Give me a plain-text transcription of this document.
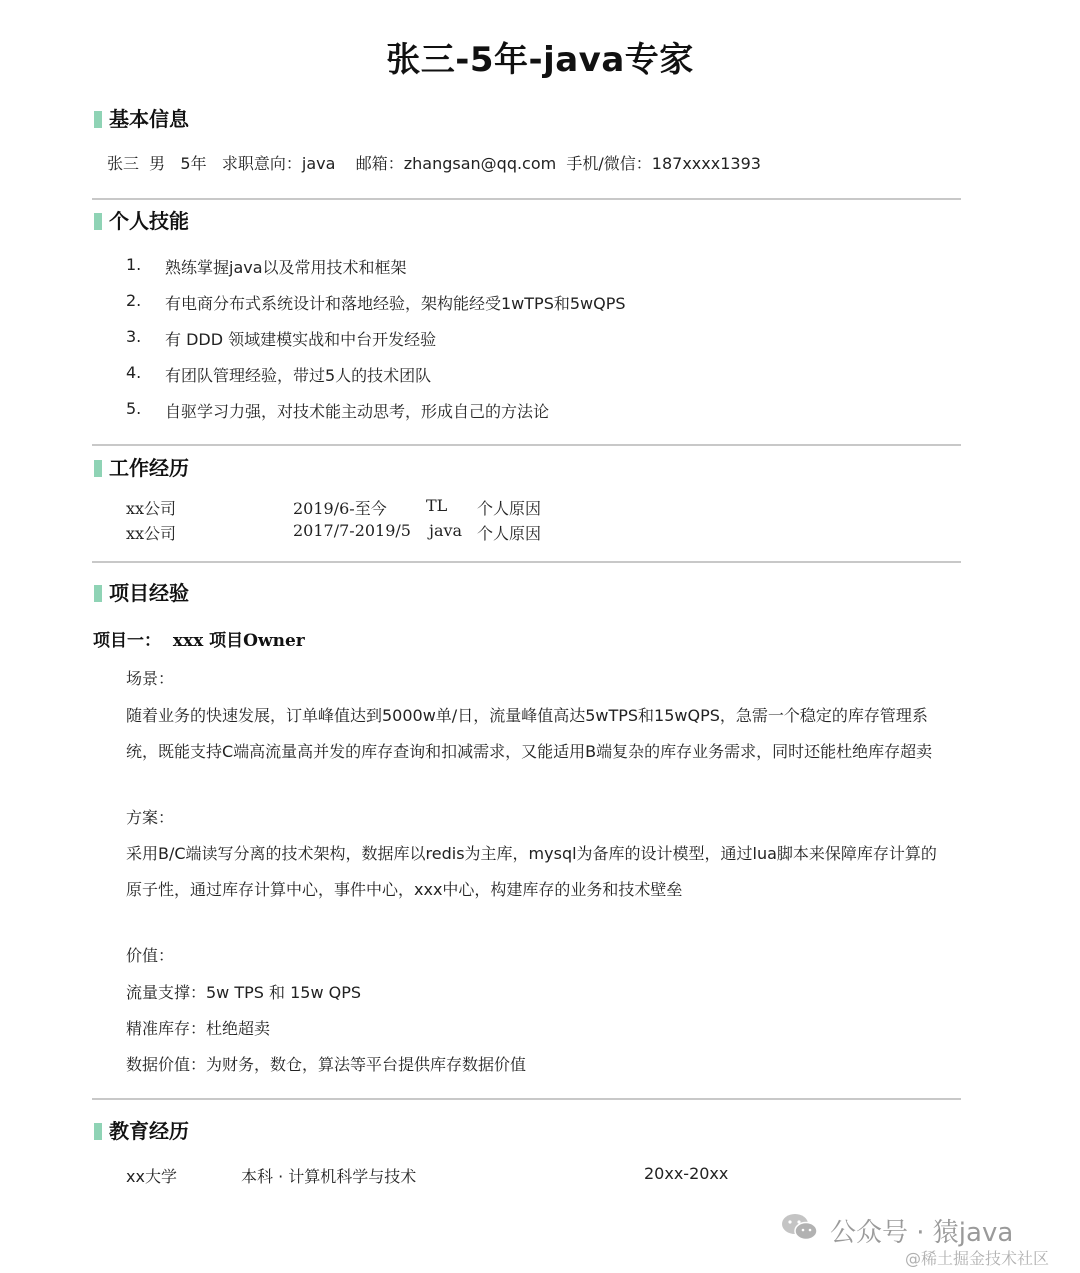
张三-5年-java专家
基本信息
张三  男   5年   求职意向：java    邮箱：zhangsan@qq.com  手机/微信：187xxxx1393
个人技能
1. 熟练掌握java以及常用技术和框架
2. 有电商分布式系统设计和落地经验，架构能经受1wTPS和5wQPS
3. 有 DDD 领域建模实战和中台开发经验
4. 有团队管理经验，带过5人的技术团队
5. 自驱学习力强，对技术能主动思考，形成自己的方法论
工作经历
xx公司	2019/6-至今 TL 个人原因
xx公司	2017/7-2019/5 java 个人原因
项目经验
项目一：  xxx 项目Owner
场景：
随着业务的快速发展，订单峰值达到5000w单/日，流量峰值高达5wTPS和15wQPS，急需一个稳定的库存管理系
统，既能支持C端高流量高并发的库存查询和扣减需求，又能适用B端复杂的库存业务需求，同时还能杜绝库存超卖
方案：
采用B/C端读写分离的技术架构，数据库以redis为主库，mysql为备库的设计模型，通过lua脚本来保障库存计算的
原子性，通过库存计算中心，事件中心，xxx中心，构建库存的业务和技术壁垒
价值：
流量支撑：5w TPS 和 15w QPS
精准库存：杜绝超卖
数据价值：为财务，数仓，算法等平台提供库存数据价值
教育经历
xx大学	本科 · 计算机科学与技术	20xx-20xx
公众号 · 猿java
@稀土掘金技术社区
